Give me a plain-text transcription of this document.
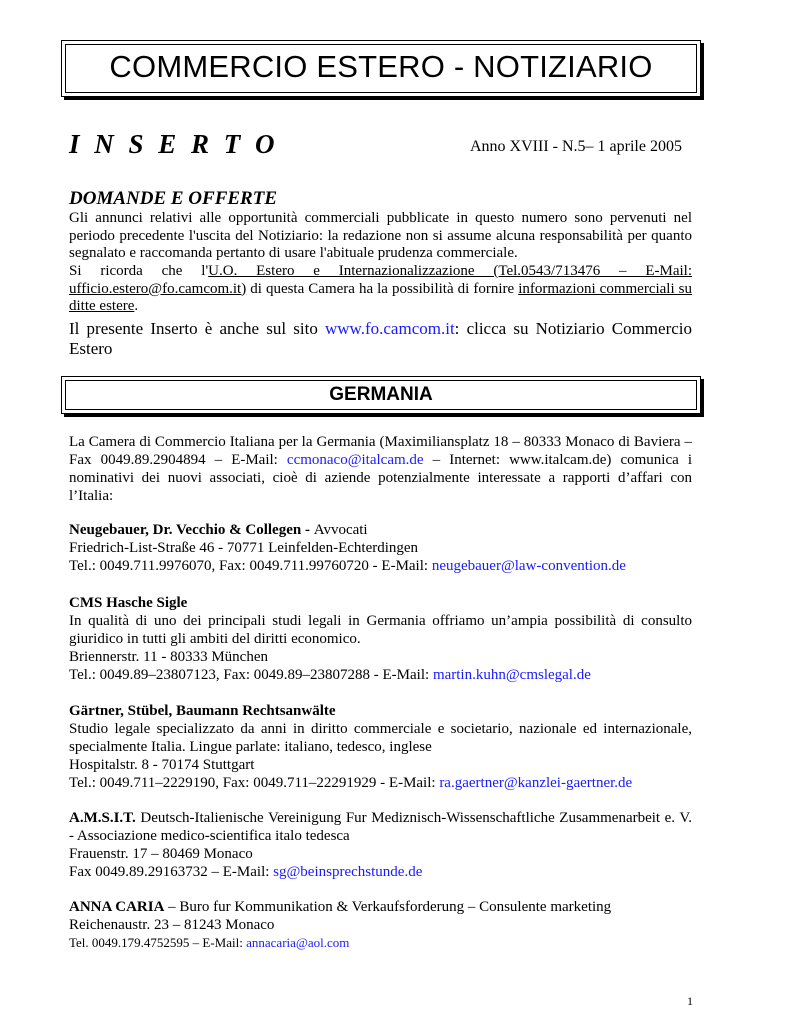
COMMERCIO ESTERO - NOTIZIARIO
I N S E R T O	Anno XVIII - N.5– 1 aprile 2005
DOMANDE E OFFERTE
Gli annunci relativi alle opportunità commerciali pubblicate in questo numero sono pervenuti nel periodo precedente l'uscita del Notiziario: la redazione non si assume alcuna responsabilità per quanto segnalato e raccomanda pertanto di usare l'abituale prudenza commerciale.
Si ricorda che l'U.O. Estero e Internazionalizzazione (Tel.0543/713476 – E-Mail: ufficio.estero@fo.camcom.it) di questa Camera ha la possibilità di fornire informazioni commerciali su ditte estere.
Il presente Inserto è anche sul sito www.fo.camcom.it: clicca su Notiziario Commercio Estero
GERMANIA
La Camera di Commercio Italiana per la Germania (Maximiliansplatz 18 – 80333 Monaco di Baviera – Fax 0049.89.2904894 – E-Mail: ccmonaco@italcam.de – Internet: www.italcam.de) comunica i nominativi dei nuovi associati, cioè di aziende potenzialmente interessate a rapporti d’affari con l’Italia:
Neugebauer, Dr. Vecchio & Collegen - Avvocati
Friedrich-List-Straße 46 - 70771 Leinfelden-Echterdingen
Tel.: 0049.711.9976070, Fax: 0049.711.99760720 - E-Mail: neugebauer@law-convention.de
CMS Hasche Sigle
In qualità di uno dei principali studi legali in Germania offriamo un’ampia possibilità di consulto giuridico in tutti gli ambiti del diritti economico.
Briennerstr. 11 - 80333 München
Tel.: 0049.89–23807123, Fax: 0049.89–23807288 - E-Mail: martin.kuhn@cmslegal.de
Gärtner, Stübel, Baumann Rechtsanwälte
Studio legale specializzato da anni in diritto commerciale e societario, nazionale ed internazionale, specialmente Italia. Lingue parlate: italiano, tedesco, inglese
Hospitalstr. 8 - 70174 Stuttgart
Tel.: 0049.711–2229190, Fax: 0049.711–22291929 - E-Mail: ra.gaertner@kanzlei-gaertner.de
A.M.S.I.T. Deutsch-Italienische Vereinigung Fur Mediznisch-Wissenschaftliche Zusammenarbeit e. V. - Associazione medico-scientifica italo tedesca
Frauenstr. 17 – 80469 Monaco
Fax 0049.89.29163732 – E-Mail: sg@beinsprechstunde.de
ANNA CARIA – Buro fur Kommunikation & Verkaufsforderung – Consulente marketing
Reichenaustr. 23 – 81243 Monaco
Tel. 0049.179.4752595 – E-Mail: annacaria@aol.com
1
